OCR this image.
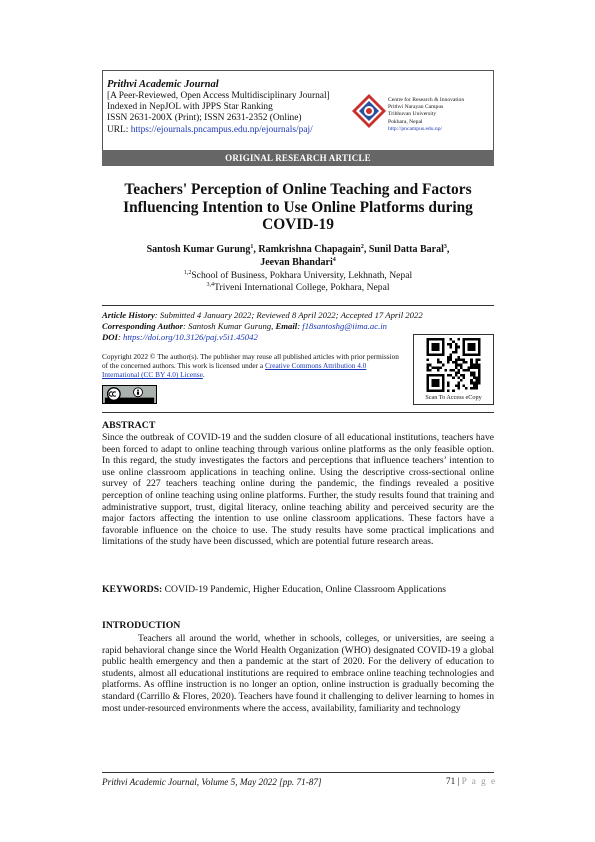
Prithvi Academic Journal
[A Peer-Reviewed, Open Access Multidisciplinary Journal]
Indexed in NepJOL with JPPS Star Ranking
ISSN 2631-200X (Print); ISSN 2631-2352 (Online)
URL: https://ejournals.pncampus.edu.np/ejournals/paj/
Centre for Research & Innovation
Prithvi Narayan Campus
Tribhuvan University
Pokhara, Nepal
http://pncampus.edu.np/
ORIGINAL RESEARCH ARTICLE
Teachers' Perception of Online Teaching and Factors
Influencing Intention to Use Online Platforms during
COVID-19
Santosh Kumar Gurung$^1$, Ramkrishna Chapagain$^2$, Sunil Datta Baral$^3$,
Jeevan Bhandari$^4$
$^{1,2}$School of Business, Pokhara University, Lekhnath, Nepal
$^{3,4}$Triveni International College, Pokhara, Nepal
Article History: Submitted 4 January 2022; Reviewed 8 April 2022; Accepted 17 April 2022
Corresponding Author: Santosh Kumar Gurung, Email: f18santoshg@iima.ac.in
DOI: https://doi.org/10.3126/paj.v5i1.45042
Copyright 2022 © The author(s). The publisher may reuse all published articles with prior permission of the concerned authors. This work is licensed under a Creative Commons Attribution 4.0 International (CC BY 4.0) License.
Scan To Access eCopy
ABSTRACT
Since the outbreak of COVID-19 and the sudden closure of all educational institutions, teachers have been forced to adapt to online teaching through various online platforms as the only feasible option. In this regard, the study investigates the factors and perceptions that influence teachers’ intention to use online classroom applications in teaching online. Using the descriptive cross-sectional online survey of 227 teachers teaching online during the pandemic, the findings revealed a positive perception of online teaching using online platforms. Further, the study results found that training and administrative support, trust, digital literacy, online teaching ability and perceived security are the major factors affecting the intention to use online classroom applications. These factors have a favorable influence on the choice to use. The study results have some practical implications and limitations of the study have been discussed, which are potential future research areas.
KEYWORDS: COVID-19 Pandemic, Higher Education, Online Classroom Applications
INTRODUCTION
Teachers all around the world, whether in schools, colleges, or universities, are seeing a rapid behavioral change since the World Health Organization (WHO) designated COVID-19 a global public health emergency and then a pandemic at the start of 2020. For the delivery of education to students, almost all educational institutions are required to embrace online teaching technologies and platforms. As offline instruction is no longer an option, online instruction is gradually becoming the standard (Carrillo & Flores, 2020). Teachers have found it challenging to deliver learning to homes in most under-resourced environments where the access, availability, familiarity and technology
Prithvi Academic Journal, Volume 5, May 2022 [pp. 71-87]	71 | P a g e
